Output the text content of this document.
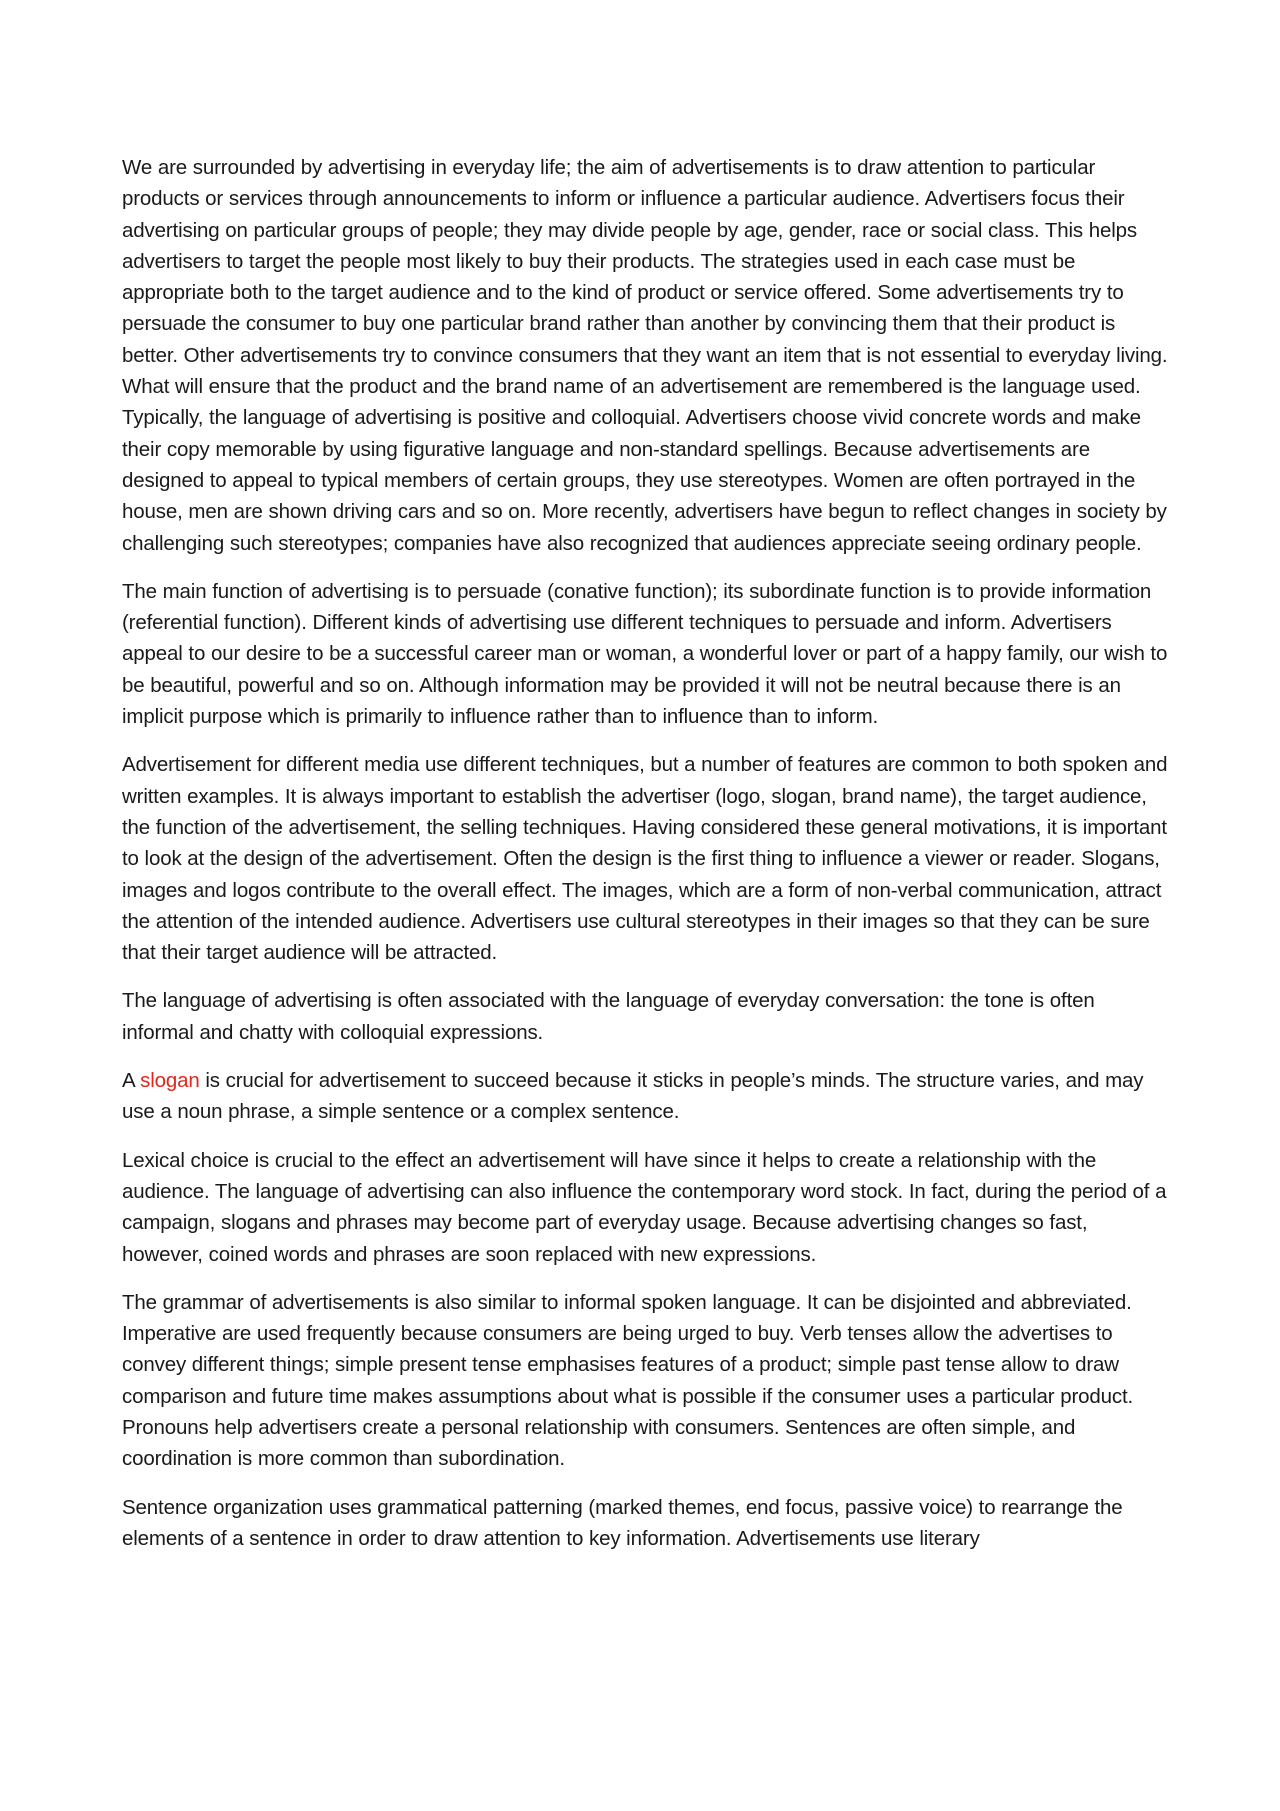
We are surrounded by advertising in everyday life; the aim of advertisements is to draw attention to particular products or services through announcements to inform or influence a particular audience. Advertisers focus their advertising on particular groups of people; they may divide people by age, gender, race or social class. This helps advertisers to target the people most likely to buy their products. The strategies used in each case must be appropriate both to the target audience and to the kind of product or service offered. Some advertisements try to persuade the consumer to buy one particular brand rather than another by convincing them that their product is better. Other advertisements try to convince consumers that they want an item that is not essential to everyday living. What will ensure that the product and the brand name of an advertisement are remembered is the language used. Typically, the language of advertising is positive and colloquial. Advertisers choose vivid concrete words and make their copy memorable by using figurative language and non-standard spellings. Because advertisements are designed to appeal to typical members of certain groups, they use stereotypes. Women are often portrayed in the house, men are shown driving cars and so on. More recently, advertisers have begun to reflect changes in society by challenging such stereotypes; companies have also recognized that audiences appreciate seeing ordinary people.

The main function of advertising is to persuade (conative function); its subordinate function is to provide information (referential function). Different kinds of advertising use different techniques to persuade and inform. Advertisers appeal to our desire to be a successful career man or woman, a wonderful lover or part of a happy family, our wish to be beautiful, powerful and so on. Although information may be provided it will not be neutral because there is an implicit purpose which is primarily to influence rather than to influence than to inform.

Advertisement for different media use different techniques, but a number of features are common to both spoken and written examples. It is always important to establish the advertiser (logo, slogan, brand name), the target audience, the function of the advertisement, the selling techniques. Having considered these general motivations, it is important to look at the design of the advertisement. Often the design is the first thing to influence a viewer or reader. Slogans, images and logos contribute to the overall effect. The images, which are a form of non-verbal communication, attract the attention of the intended audience. Advertisers use cultural stereotypes in their images so that they can be sure that their target audience will be attracted.

The language of advertising is often associated with the language of everyday conversation: the tone is often informal and chatty with colloquial expressions.

A slogan is crucial for advertisement to succeed because it sticks in people’s minds. The structure varies, and may use a noun phrase, a simple sentence or a complex sentence.

Lexical choice is crucial to the effect an advertisement will have since it helps to create a relationship with the audience. The language of advertising can also influence the contemporary word stock. In fact, during the period of a campaign, slogans and phrases may become part of everyday usage. Because advertising changes so fast, however, coined words and phrases are soon replaced with new expressions.

The grammar of advertisements is also similar to informal spoken language. It can be disjointed and abbreviated. Imperative are used frequently because consumers are being urged to buy. Verb tenses allow the advertises to convey different things; simple present tense emphasises features of a product; simple past tense allow to draw comparison and future time makes assumptions about what is possible if the consumer uses a particular product. Pronouns help advertisers create a personal relationship with consumers. Sentences are often simple, and coordination is more common than subordination.

Sentence organization uses grammatical patterning (marked themes, end focus, passive voice) to rearrange the elements of a sentence in order to draw attention to key information. Advertisements use literary
